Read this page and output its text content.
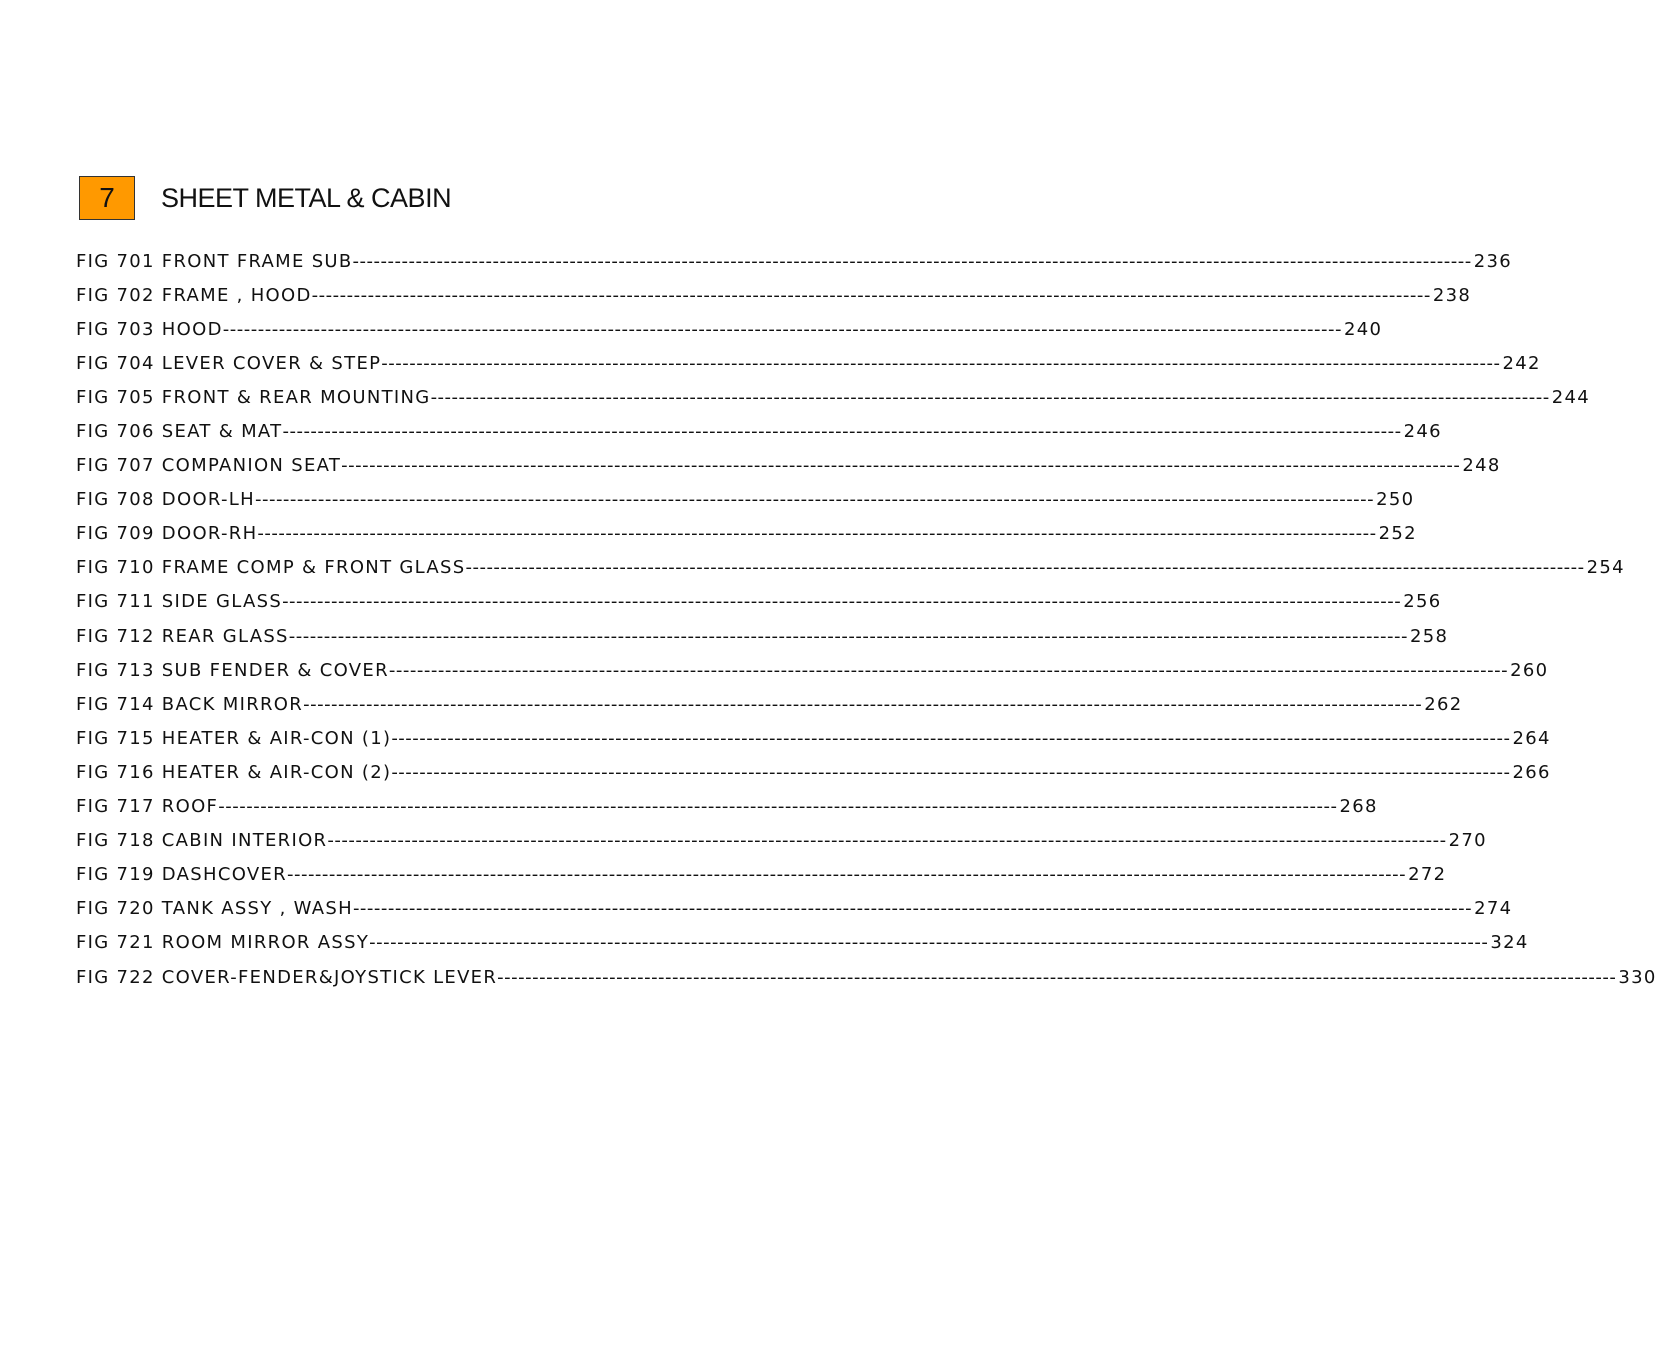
7	SHEET METAL & CABIN
FIG 701 FRONT FRAME SUB ---------------------------------------------------------------------------------------------------------------------------------------------------------------- 236
FIG 702 FRAME , HOOD ---------------------------------------------------------------------------------------------------------------------------------------------------------------- 238
FIG 703 HOOD ---------------------------------------------------------------------------------------------------------------------------------------------------------------- 240
FIG 704 LEVER COVER & STEP ---------------------------------------------------------------------------------------------------------------------------------------------------------------- 242
FIG 705 FRONT & REAR MOUNTING ---------------------------------------------------------------------------------------------------------------------------------------------------------------- 244
FIG 706 SEAT & MAT ---------------------------------------------------------------------------------------------------------------------------------------------------------------- 246
FIG 707 COMPANION SEAT ---------------------------------------------------------------------------------------------------------------------------------------------------------------- 248
FIG 708 DOOR-LH ---------------------------------------------------------------------------------------------------------------------------------------------------------------- 250
FIG 709 DOOR-RH ---------------------------------------------------------------------------------------------------------------------------------------------------------------- 252
FIG 710 FRAME COMP & FRONT GLASS ---------------------------------------------------------------------------------------------------------------------------------------------------------------- 254
FIG 711 SIDE GLASS ---------------------------------------------------------------------------------------------------------------------------------------------------------------- 256
FIG 712 REAR GLASS ---------------------------------------------------------------------------------------------------------------------------------------------------------------- 258
FIG 713 SUB FENDER & COVER ---------------------------------------------------------------------------------------------------------------------------------------------------------------- 260
FIG 714 BACK MIRROR ---------------------------------------------------------------------------------------------------------------------------------------------------------------- 262
FIG 715 HEATER & AIR-CON (1) ---------------------------------------------------------------------------------------------------------------------------------------------------------------- 264
FIG 716 HEATER & AIR-CON (2) ---------------------------------------------------------------------------------------------------------------------------------------------------------------- 266
FIG 717 ROOF ---------------------------------------------------------------------------------------------------------------------------------------------------------------- 268
FIG 718 CABIN INTERIOR ---------------------------------------------------------------------------------------------------------------------------------------------------------------- 270
FIG 719 DASHCOVER ---------------------------------------------------------------------------------------------------------------------------------------------------------------- 272
FIG 720 TANK ASSY , WASH ---------------------------------------------------------------------------------------------------------------------------------------------------------------- 274
FIG 721 ROOM MIRROR ASSY ---------------------------------------------------------------------------------------------------------------------------------------------------------------- 324
FIG 722 COVER-FENDER&JOYSTICK LEVER ---------------------------------------------------------------------------------------------------------------------------------------------------------------- 330
